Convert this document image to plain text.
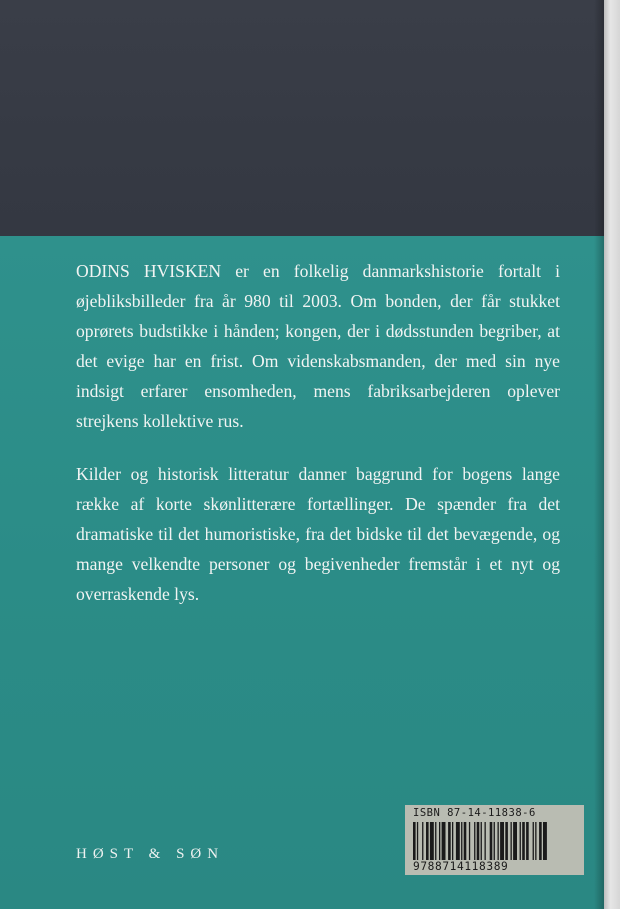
ODINS HVISKEN er en folkelig danmarkshistorie fortalt i øjebliksbilleder fra år 980 til 2003. Om bonden, der får stukket oprørets budstikke i hånden; kongen, der i dødsstunden begriber, at det evige har en frist. Om videnskabsmanden, der med sin nye indsigt erfarer ensomheden, mens fabriksarbejderen oplever strejkens kollektive rus.

Kilder og historisk litteratur danner baggrund for bogens lange række af korte skønlitterære fortællinger. De spænder fra det dramatiske til det humoristiske, fra det bidske til det bevægende, og mange velkendte personer og begivenheder fremstår i et nyt og overraskende lys.

HØST & SØN
ISBN 87-14-11838-6
9788714118389
